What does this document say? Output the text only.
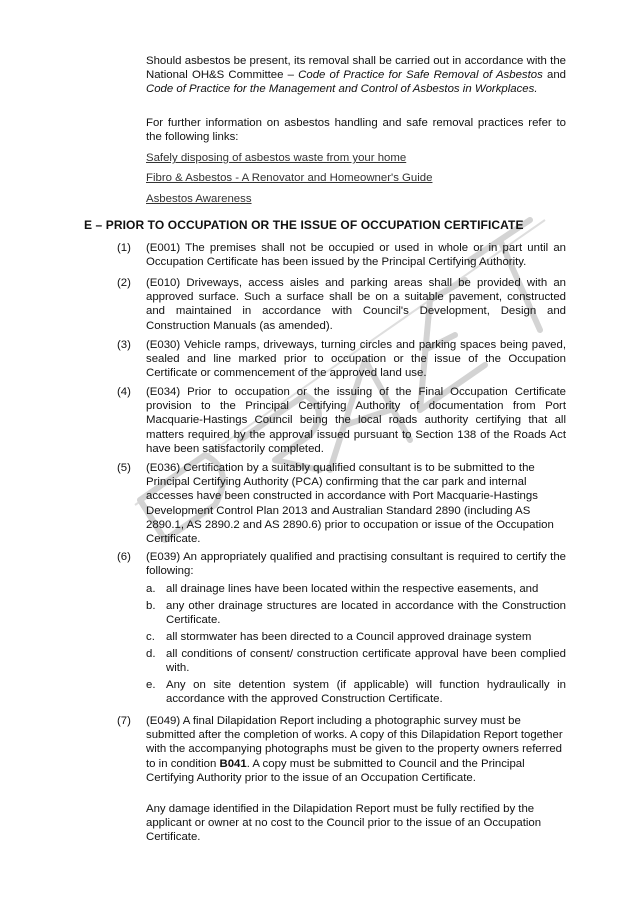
Should asbestos be present, its removal shall be carried out in accordance with the National OH&S Committee – Code of Practice for Safe Removal of Asbestos and Code of Practice for the Management and Control of Asbestos in Workplaces.
For further information on asbestos handling and safe removal practices refer to the following links:
Safely disposing of asbestos waste from your home
Fibro & Asbestos - A Renovator and Homeowner's Guide
Asbestos Awareness
E – PRIOR TO OCCUPATION OR THE ISSUE OF OCCUPATION CERTIFICATE
(1) (E001) The premises shall not be occupied or used in whole or in part until an Occupation Certificate has been issued by the Principal Certifying Authority.
(2) (E010) Driveways, access aisles and parking areas shall be provided with an approved surface. Such a surface shall be on a suitable pavement, constructed and maintained in accordance with Council's Development, Design and Construction Manuals (as amended).
(3) (E030) Vehicle ramps, driveways, turning circles and parking spaces being paved, sealed and line marked prior to occupation or the issue of the Occupation Certificate or commencement of the approved land use.
(4) (E034) Prior to occupation or the issuing of the Final Occupation Certificate provision to the Principal Certifying Authority of documentation from Port Macquarie-Hastings Council being the local roads authority certifying that all matters required by the approval issued pursuant to Section 138 of the Roads Act have been satisfactorily completed.
(5) (E036) Certification by a suitably qualified consultant is to be submitted to the Principal Certifying Authority (PCA) confirming that the car park and internal accesses have been constructed in accordance with Port Macquarie-Hastings Development Control Plan 2013 and Australian Standard 2890 (including AS 2890.1, AS 2890.2 and AS 2890.6) prior to occupation or issue of the Occupation Certificate.
(6) (E039) An appropriately qualified and practising consultant is required to certify the following:
a. all drainage lines have been located within the respective easements, and
b. any other drainage structures are located in accordance with the Construction Certificate.
c. all stormwater has been directed to a Council approved drainage system
d. all conditions of consent/ construction certificate approval have been complied with.
e. Any on site detention system (if applicable) will function hydraulically in accordance with the approved Construction Certificate.
(7) (E049) A final Dilapidation Report including a photographic survey must be submitted after the completion of works. A copy of this Dilapidation Report together with the accompanying photographs must be given to the property owners referred to in condition B041. A copy must be submitted to Council and the Principal Certifying Authority prior to the issue of an Occupation Certificate.
Any damage identified in the Dilapidation Report must be fully rectified by the applicant or owner at no cost to the Council prior to the issue of an Occupation Certificate.
